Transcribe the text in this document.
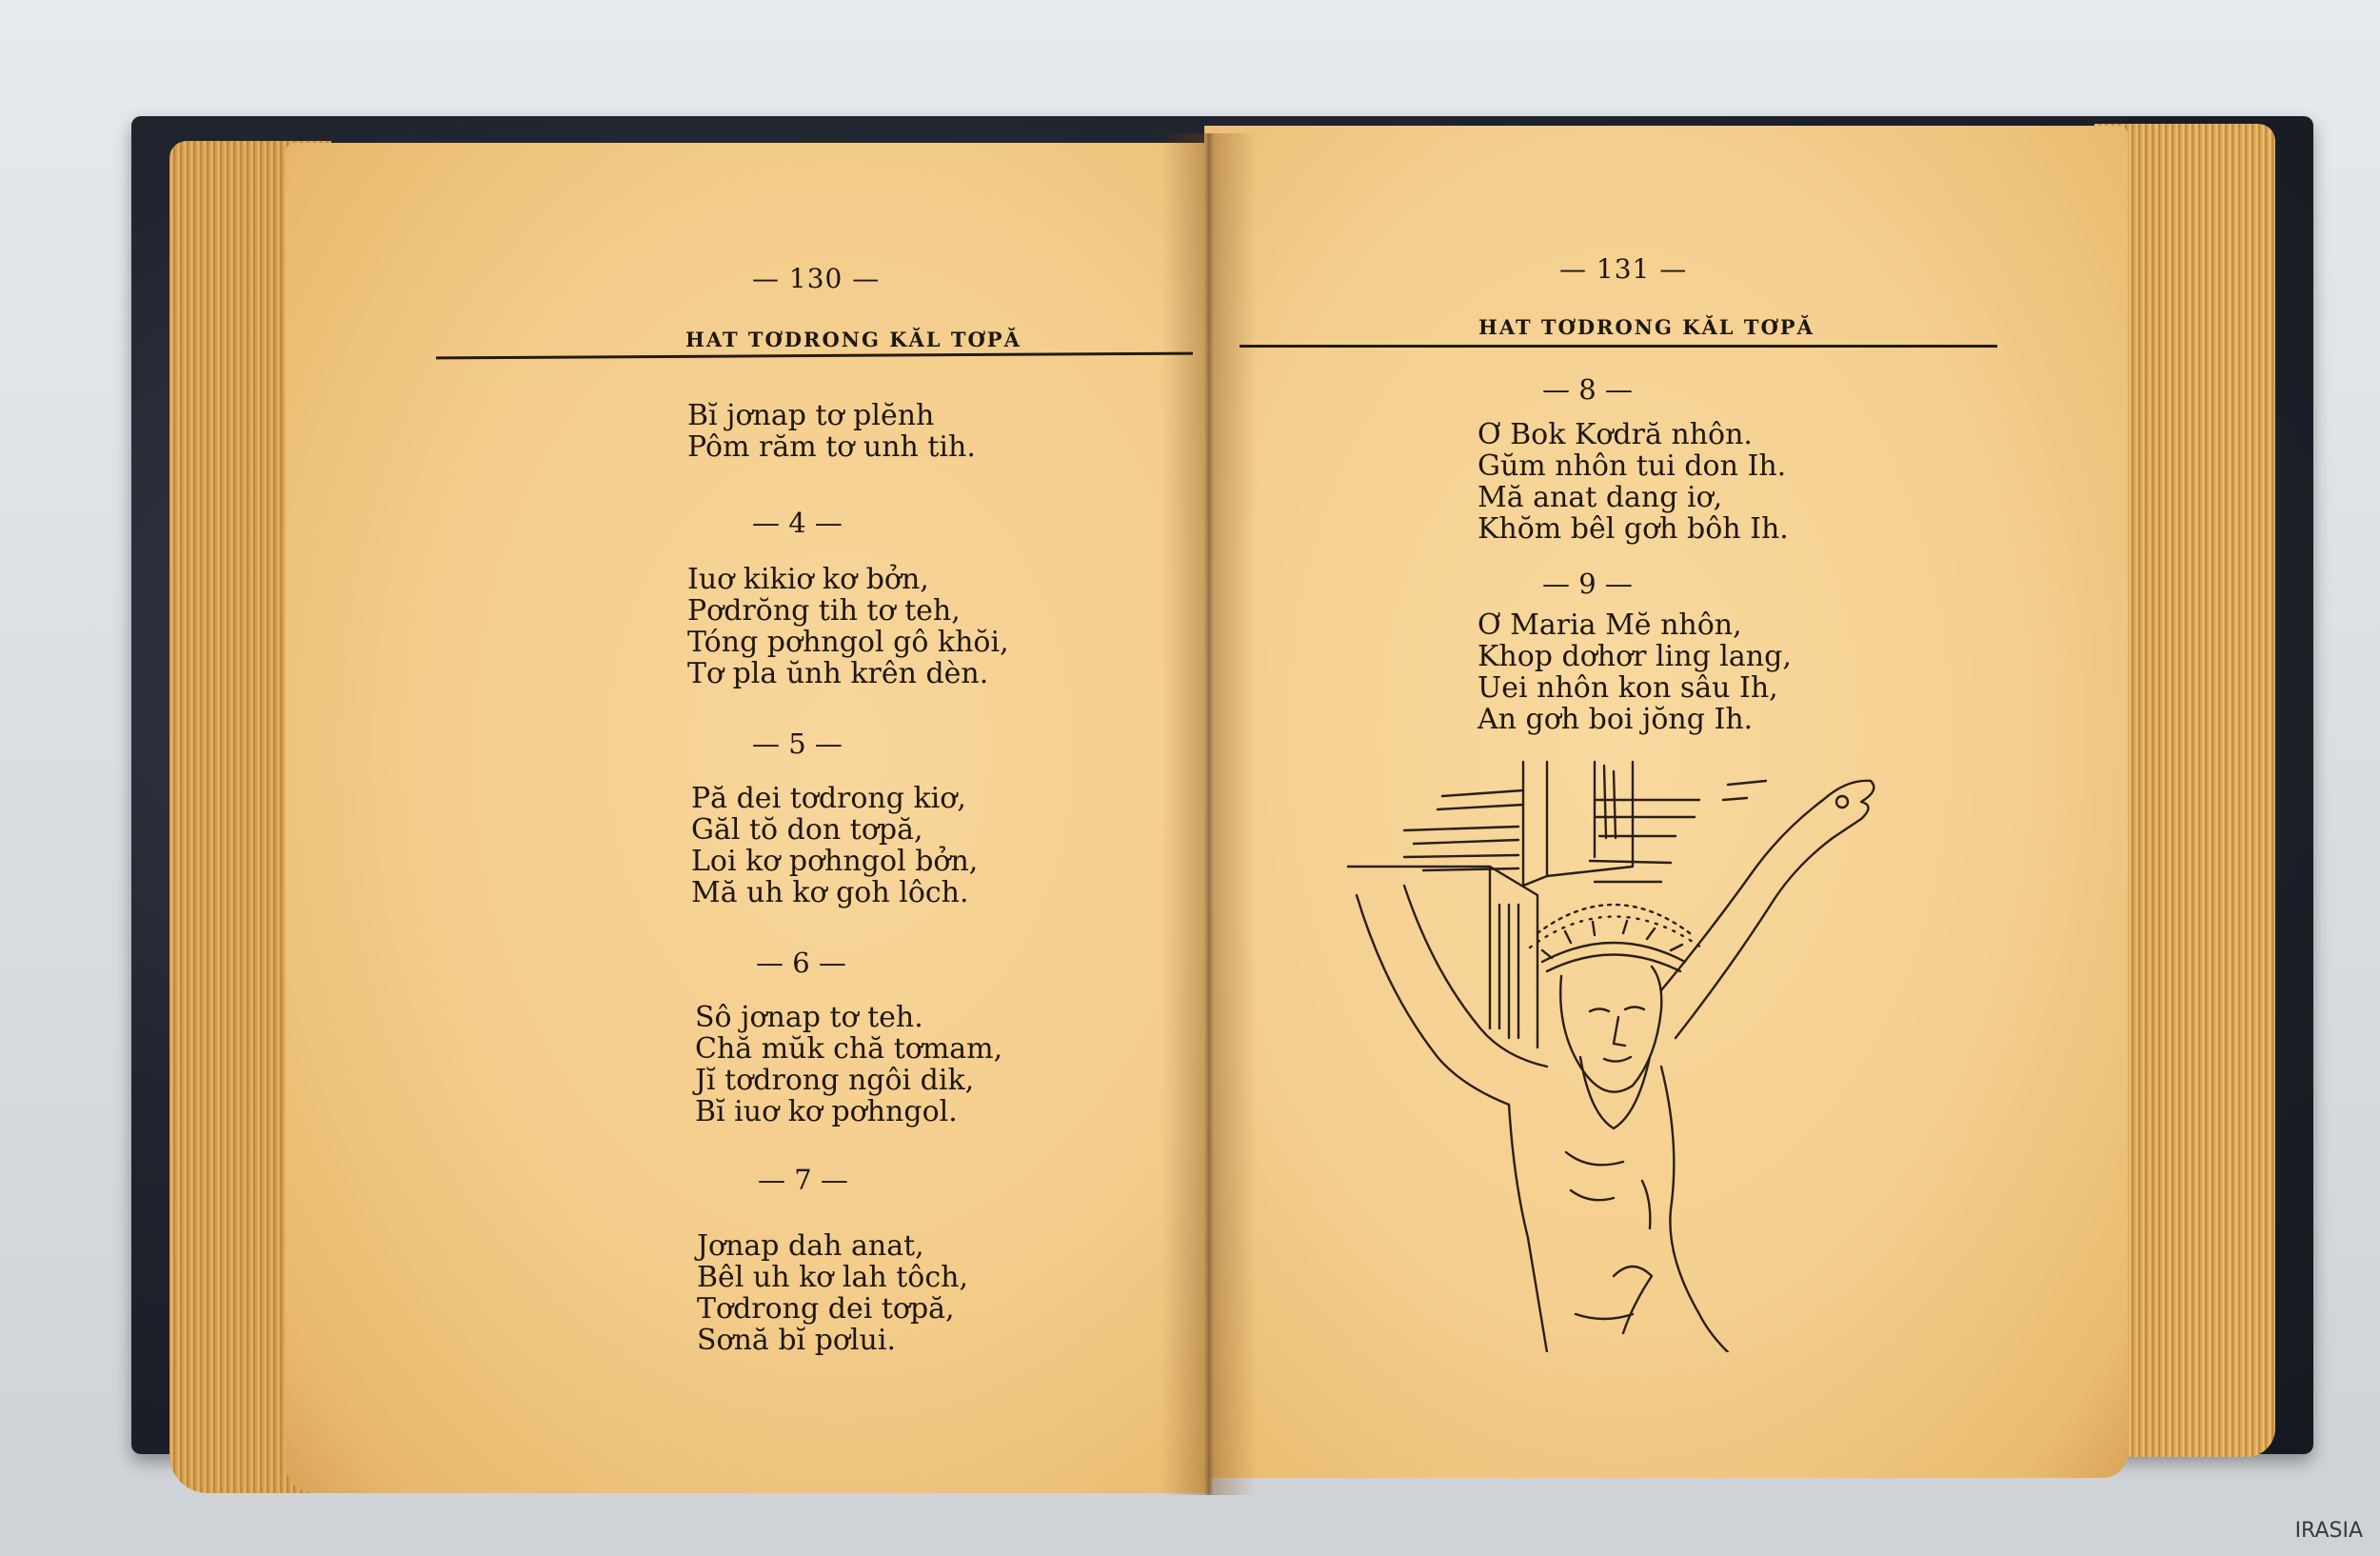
— 130 —
HAT TƠDRONG KĂL TƠPĂ
Bĭ jơnap tơ plĕnh
Pôm răm tơ unh tih.
— 4 —
Iuơ kikiơ kơ bởn,
Pơdrŏng tih tơ teh,
Tóng pơhngol gô khŏi,
Tơ pla ŭnh krên dèn.
— 5 —
Pă dei tơdrong kiơ,
Găl tŏ don tơpă,
Loi kơ pơhngol bởn,
Mă uh kơ goh lôch.
— 6 —
Sô jơnap tơ teh.
Chă mŭk chă tơmam,
Jĭ tơdrong ngôi dik,
Bĭ iuơ kơ pơhngol.
— 7 —
Jơnap dah anat,
Bêl uh kơ lah tôch,
Tơdrong dei tơpă,
Sơnă bĭ pơlui.
— 131 —
HAT TƠDRONG KĂL TƠPĂ
— 8 —
Ơ Bok Kơdră nhôn.
Gŭm nhôn tui don Ih.
Mă anat dang iơ,
Khŏm bêl gơh bôh Ih.
— 9 —
Ơ Maria Mĕ nhôn,
Khop dơhơr ling lang,
Uei nhôn kon sâu Ih,
An gơh boi jŏng Ih.
IRASIA
